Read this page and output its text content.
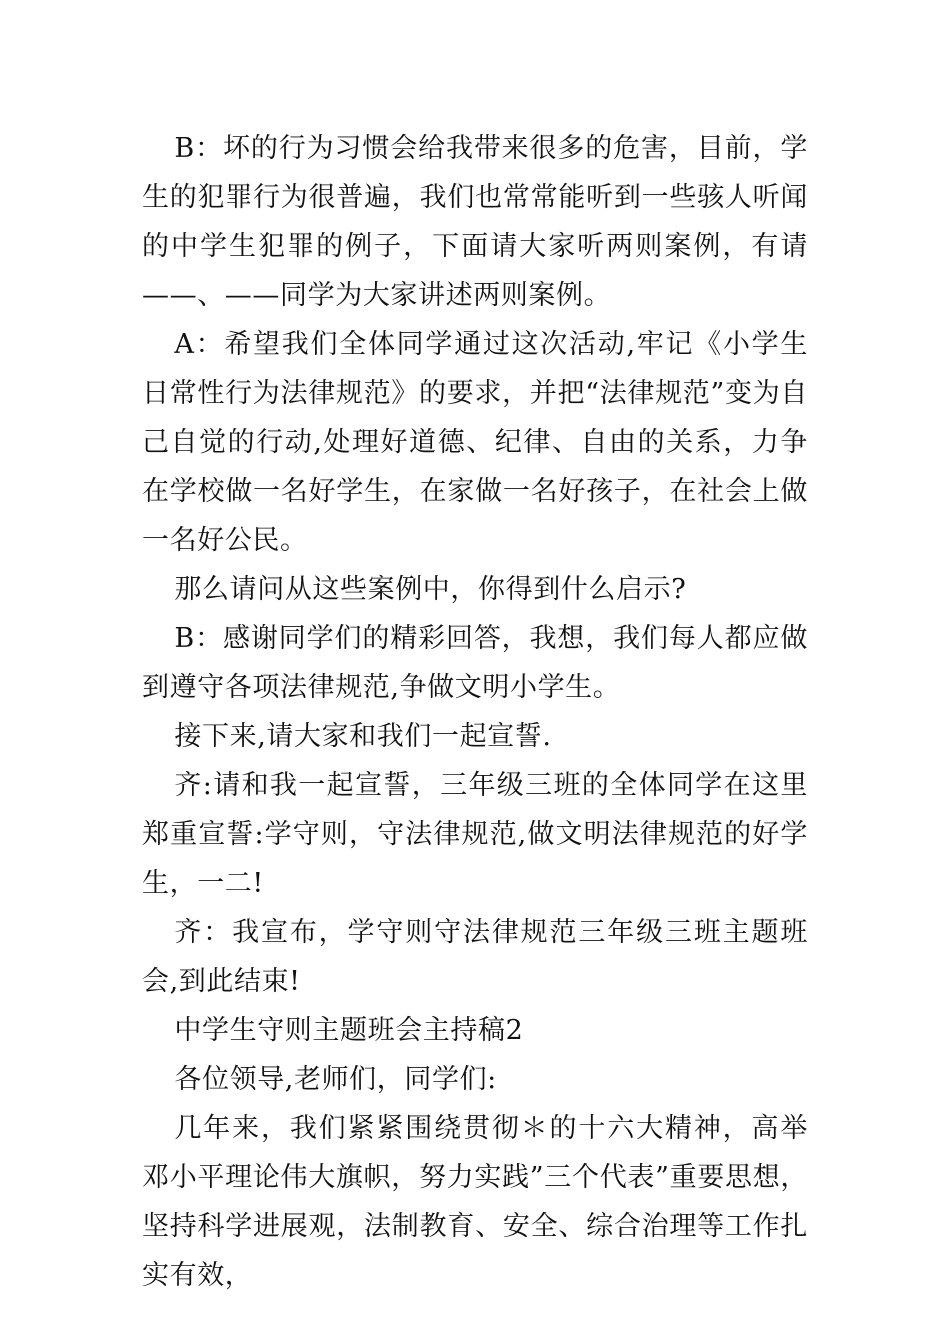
B：坏的行为习惯会给我带来很多的危害，目前，学生的犯罪行为很普遍，我们也常常能听到一些骇人听闻的中学生犯罪的例子，下面请大家听两则案例，有请——、——同学为大家讲述两则案例。

A：希望我们全体同学通过这次活动,牢记《小学生日常性行为法律规范》的要求，并把“法律规范”变为自己自觉的行动,处理好道德、纪律、自由的关系，力争在学校做一名好学生，在家做一名好孩子，在社会上做一名好公民。

那么请问从这些案例中，你得到什么启示?

B：感谢同学们的精彩回答，我想，我们每人都应做到遵守各项法律规范,争做文明小学生。

接下来,请大家和我们一起宣誓.

齐:请和我一起宣誓，三年级三班的全体同学在这里郑重宣誓:学守则，守法律规范,做文明法律规范的好学生，一二!

齐：我宣布，学守则守法律规范三年级三班主题班会,到此结束!

中学生守则主题班会主持稿2

各位领导,老师们，同学们:

几年来，我们紧紧围绕贯彻＊的十六大精神，高举邓小平理论伟大旗帜，努力实践”三个代表”重要思想，坚持科学进展观，法制教育、安全、综合治理等工作扎实有效，
